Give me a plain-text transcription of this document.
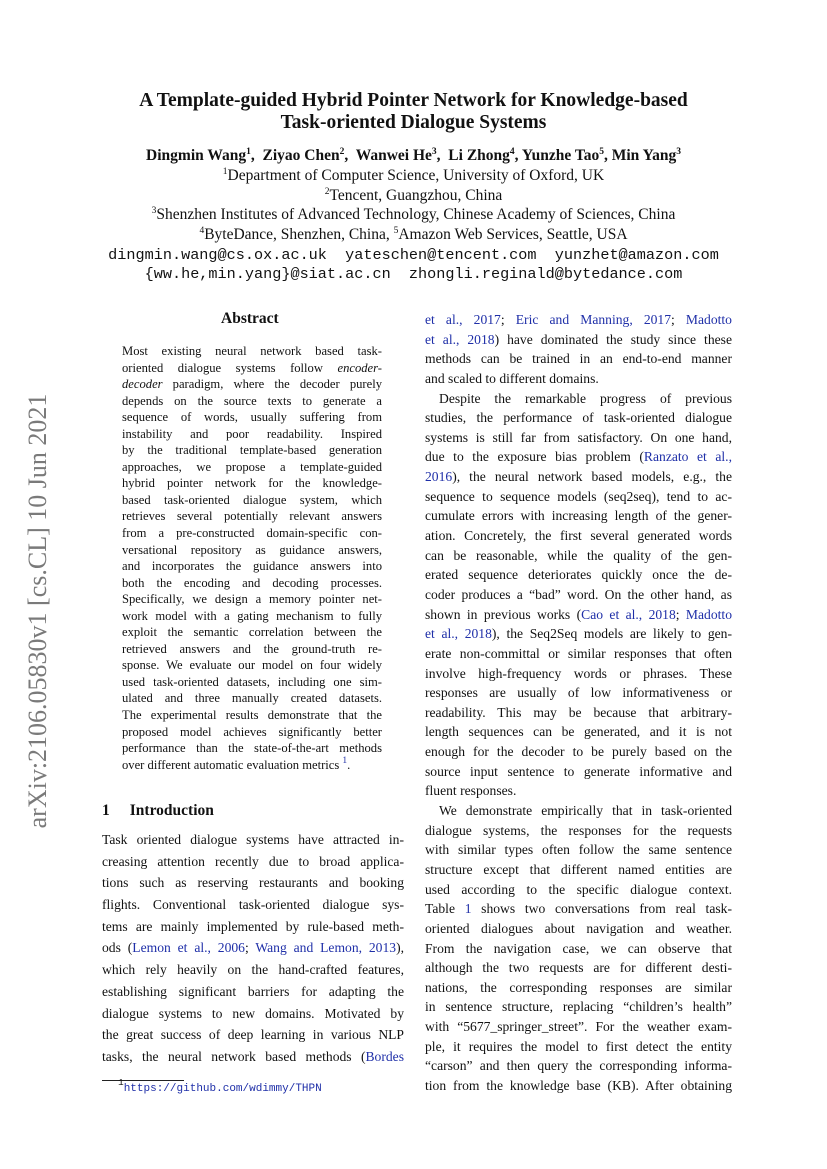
arXiv:2106.05830v1 [cs.CL] 10 Jun 2021
A Template-guided Hybrid Pointer Network for Knowledge-based
Task-oriented Dialogue Systems
Dingmin Wang$^1$,  Ziyao Chen$^2$,  Wanwei He$^3$,  Li Zhong$^4$, Yunzhe Tao$^5$, Min Yang$^3$
$^1$Department of Computer Science, University of Oxford, UK
$^2$Tencent, Guangzhou, China
$^3$Shenzhen Institutes of Advanced Technology, Chinese Academy of Sciences, China
$^4$ByteDance, Shenzhen, China, $^5$Amazon Web Services, Seattle, USA
dingmin.wang@cs.ox.ac.uk  yateschen@tencent.com  yunzhet@amazon.com
{ww.he,min.yang}@siat.ac.cn  zhongli.reginald@bytedance.com
Abstract
Most existing neural network based task-
oriented dialogue systems follow encoder-
decoder paradigm, where the decoder purely
depends on the source texts to generate a
sequence of words, usually suffering from
instability and poor readability. Inspired
by the traditional template-based generation
approaches, we propose a template-guided
hybrid pointer network for the knowledge-
based task-oriented dialogue system, which
retrieves several potentially relevant answers
from a pre-constructed domain-specific con-
versational repository as guidance answers,
and incorporates the guidance answers into
both the encoding and decoding processes.
Specifically, we design a memory pointer net-
work model with a gating mechanism to fully
exploit the semantic correlation between the
retrieved answers and the ground-truth re-
sponse. We evaluate our model on four widely
used task-oriented datasets, including one sim-
ulated and three manually created datasets.
The experimental results demonstrate that the
proposed model achieves significantly better
performance than the state-of-the-art methods
over different automatic evaluation metrics $^1$.
1 Introduction
Task oriented dialogue systems have attracted in-
creasing attention recently due to broad applica-
tions such as reserving restaurants and booking
flights. Conventional task-oriented dialogue sys-
tems are mainly implemented by rule-based meth-
ods (Lemon et al., 2006; Wang and Lemon, 2013),
which rely heavily on the hand-crafted features,
establishing significant barriers for adapting the
dialogue systems to new domains. Motivated by
the great success of deep learning in various NLP
tasks, the neural network based methods (Bordes
et al., 2017; Eric and Manning, 2017; Madotto
et al., 2018) have dominated the study since these
methods can be trained in an end-to-end manner
and scaled to different domains.
Despite the remarkable progress of previous
studies, the performance of task-oriented dialogue
systems is still far from satisfactory. On one hand,
due to the exposure bias problem (Ranzato et al.,
2016), the neural network based models, e.g., the
sequence to sequence models (seq2seq), tend to ac-
cumulate errors with increasing length of the gener-
ation. Concretely, the first several generated words
can be reasonable, while the quality of the gen-
erated sequence deteriorates quickly once the de-
coder produces a “bad” word. On the other hand, as
shown in previous works (Cao et al., 2018; Madotto
et al., 2018), the Seq2Seq models are likely to gen-
erate non-committal or similar responses that often
involve high-frequency words or phrases. These
responses are usually of low informativeness or
readability. This may be because that arbitrary-
length sequences can be generated, and it is not
enough for the decoder to be purely based on the
source input sentence to generate informative and
fluent responses.
We demonstrate empirically that in task-oriented
dialogue systems, the responses for the requests
with similar types often follow the same sentence
structure except that different named entities are
used according to the specific dialogue context.
Table 1 shows two conversations from real task-
oriented dialogues about navigation and weather.
From the navigation case, we can observe that
although the two requests are for different desti-
nations, the corresponding responses are similar
in sentence structure, replacing “children’s health”
with “5677_springer_street”. For the weather exam-
ple, it requires the model to first detect the entity
“carson” and then query the corresponding informa-
tion from the knowledge base (KB). After obtaining
$^1$https://github.com/wdimmy/THPN
